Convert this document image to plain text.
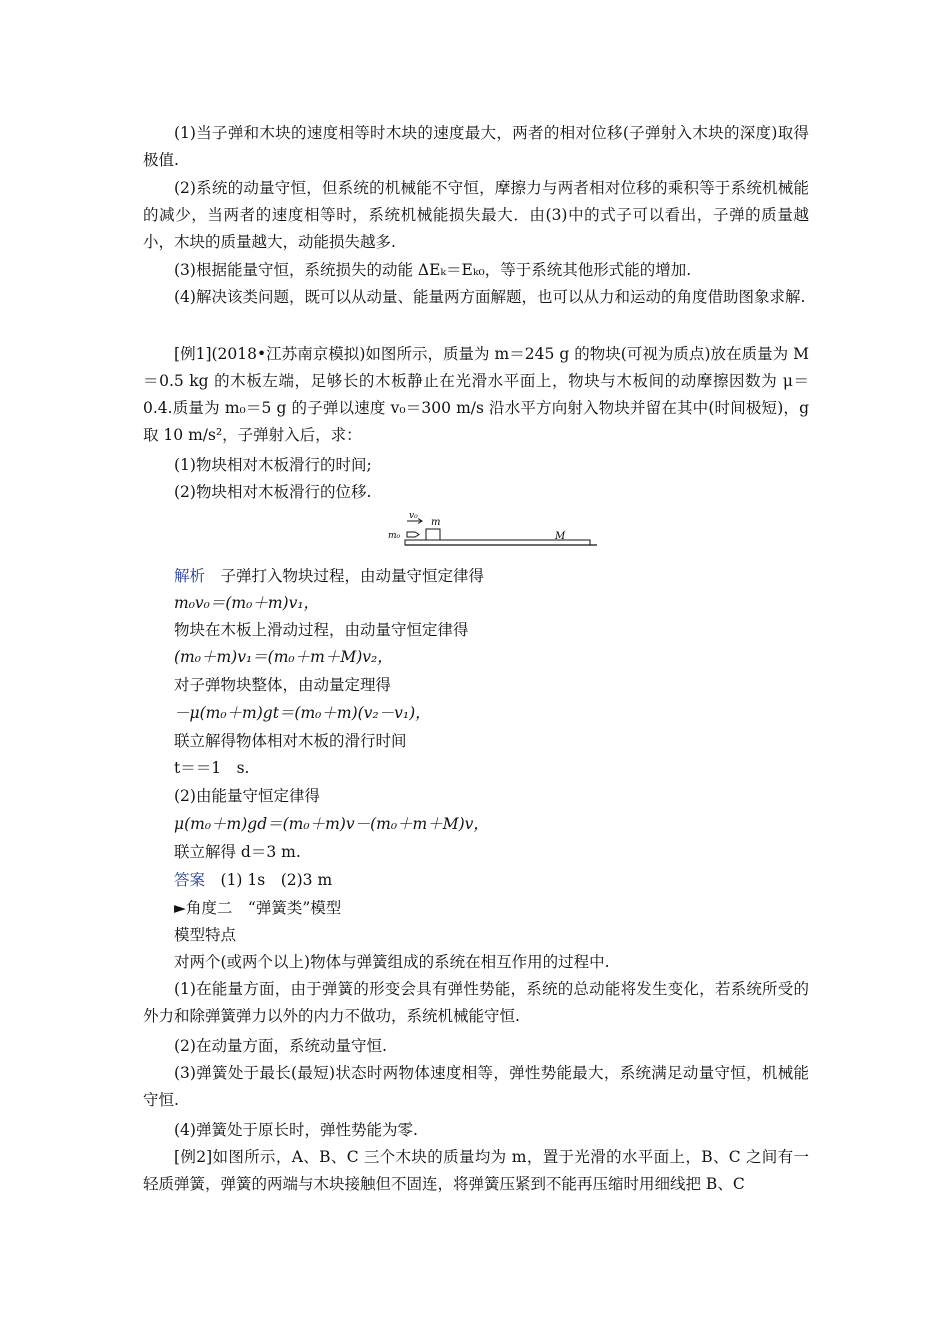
(1)当子弹和木块的速度相等时木块的速度最大，两者的相对位移(子弹射入木块的深度)取得极值.
(2)系统的动量守恒，但系统的机械能不守恒，摩擦力与两者相对位移的乘积等于系统机械能的减少，当两者的速度相等时，系统机械能损失最大．由(3)中的式子可以看出，子弹的质量越小，木块的质量越大，动能损失越多.
(3)根据能量守恒，系统损失的动能 ΔEₖ＝Eₖ₀，等于系统其他形式能的增加.
(4)解决该类问题，既可以从动量、能量两方面解题，也可以从力和运动的角度借助图象求解.
[例1](2018•江苏南京模拟)如图所示，质量为 m＝245 g 的物块(可视为质点)放在质量为 M＝0.5 kg 的木板左端，足够长的木板静止在光滑水平面上，物块与木板间的动摩擦因数为 μ＝0.4.质量为 m₀＝5 g 的子弹以速度 v₀＝300 m/s 沿水平方向射入物块并留在其中(时间极短)，g 取 10 m/s²，子弹射入后，求：
(1)物块相对木板滑行的时间;
(2)物块相对木板滑行的位移.
v₀
m₀
m
M
解析　子弹打入物块过程，由动量守恒定律得
m₀v₀＝(m₀＋m)v₁，
物块在木板上滑动过程，由动量守恒定律得
(m₀＋m)v₁＝(m₀＋m＋M)v₂，
对子弹物块整体，由动量定理得
－μ(m₀＋m)gt＝(m₀＋m)(v₂－v₁)，
联立解得物体相对木板的滑行时间
t＝＝1　s.
(2)由能量守恒定律得
μ(m₀＋m)gd＝(m₀＋m)v－(m₀＋m＋M)v，
联立解得 d＝3 m.
答案　(1) 1s　(2)3 m
►角度二　“弹簧类”模型
模型特点
对两个(或两个以上)物体与弹簧组成的系统在相互作用的过程中.
(1)在能量方面，由于弹簧的形变会具有弹性势能，系统的总动能将发生变化，若系统所受的外力和除弹簧弹力以外的内力不做功，系统机械能守恒.
(2)在动量方面，系统动量守恒.
(3)弹簧处于最长(最短)状态时两物体速度相等，弹性势能最大，系统满足动量守恒，机械能守恒.
(4)弹簧处于原长时，弹性势能为零.
[例2]如图所示，A、B、C 三个木块的质量均为 m，置于光滑的水平面上，B、C 之间有一轻质弹簧，弹簧的两端与木块接触但不固连，将弹簧压紧到不能再压缩时用细线把 B、C
